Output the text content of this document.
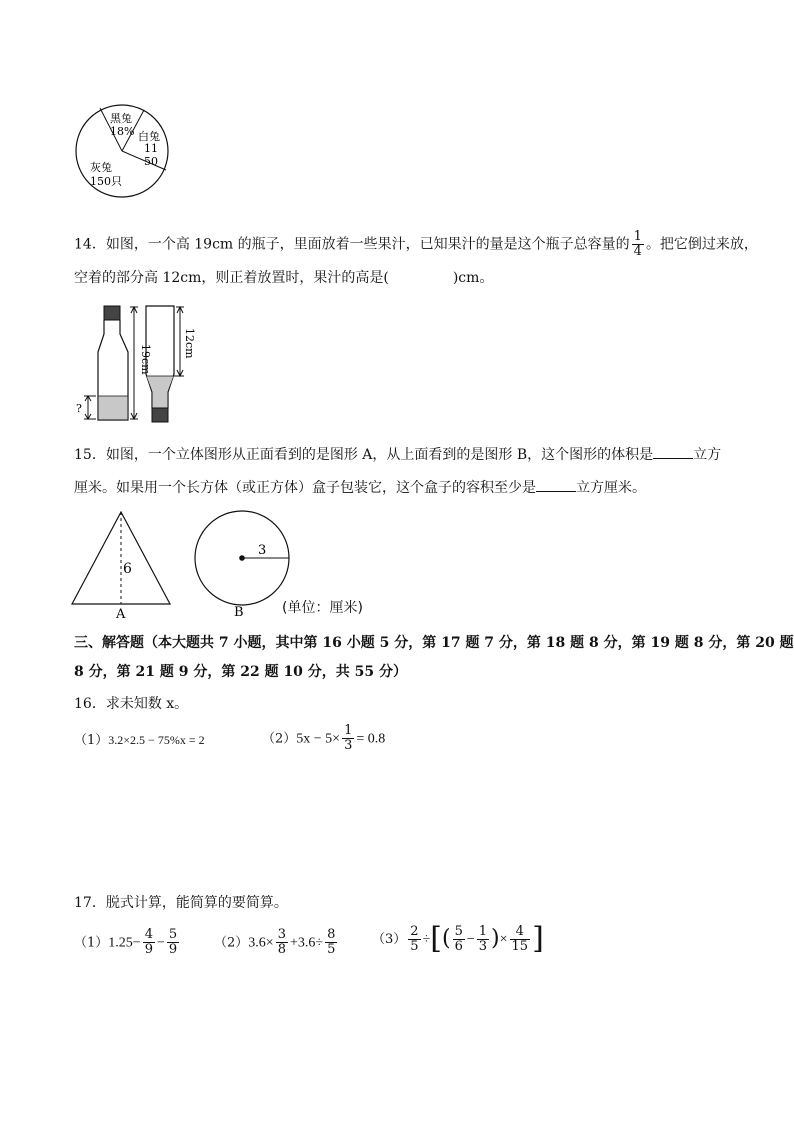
黑兔
18% 白兔
11
50
灰兔
150只
14．如图，一个高 19cm 的瓶子，里面放着一些果汁，已知果汁的量是这个瓶子总容量的 $\frac{1}{4}$ 。把它倒过来放，
空着的部分高 12cm，则正着放置时，果汁的高是(	)cm。
19cm
?
12cm
15．如图，一个立体图形从正面看到的是图形 A，从上面看到的是图形 B，这个图形的体积是	立方
厘米。如果用一个长方体（或正方体）盒子包装它，这个盒子的容积至少是	立方厘米。
6
A
3
B	(单位：厘米)
三、解答题（本大题共 7 小题，其中第 16 小题 5 分，第 17 题 7 分，第 18 题 8 分，第 19 题 8 分，第 20 题
8 分，第 21 题 9 分，第 22 题 10 分，共 55 分）
16．求未知数 x。
（1）3.2×2.5 − 75%x = 2	$(2)5x - 5\times \frac{1}{3} = 0.8$
17．脱式计算，能简算的要简算。
$(1)1.25- \frac{4}{9} - \frac{5}{9}$	$(2)3.6\times \frac{3}{8} +3.6\div \frac{8}{5}$	$(3) \frac{2}{5}$ ÷[( $\frac{5}{6} - \frac{1}{3}$ )× $\frac{4}{15}$ ]
